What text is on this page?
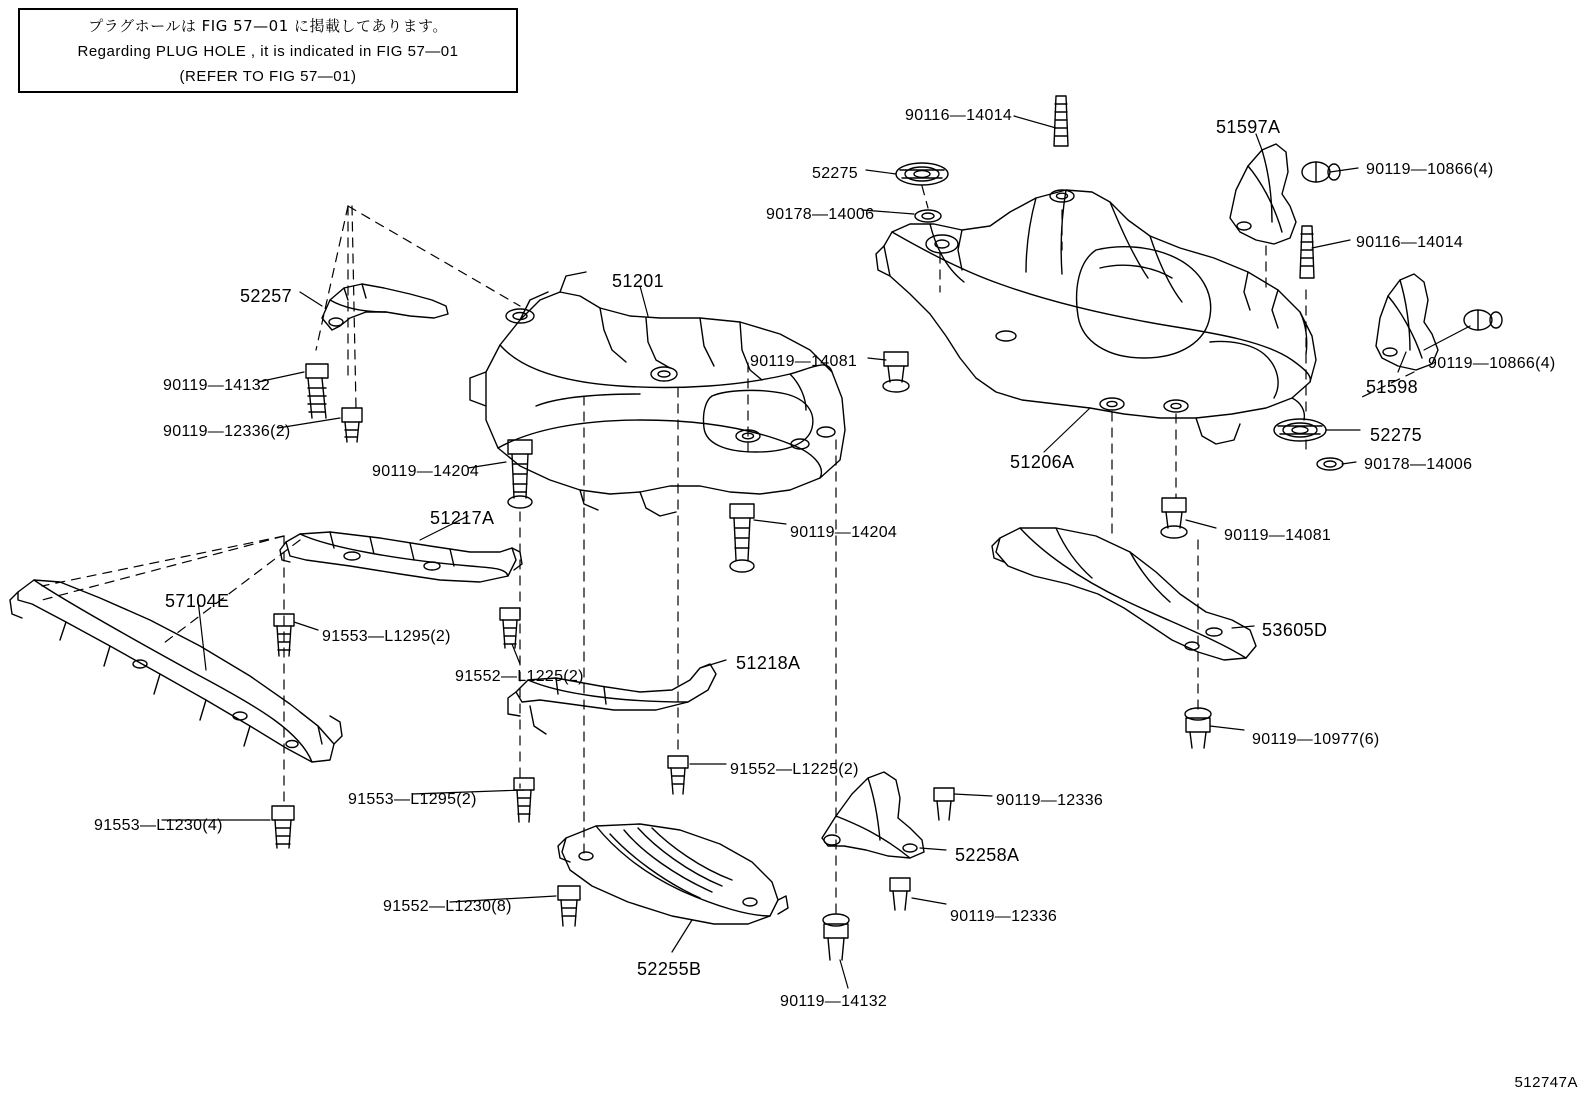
プラグホールは FIG 57—01 に掲載してあります。
Regarding PLUG HOLE , it is indicated in FIG 57—01
(REFER TO FIG 57—01)
90116—14014
51597A
52275	90119—10866(4)
90178—14006
90116—14014
52257
51201
90119—10866(4)
51598
90119—14081
90119—14132
90119—12336(2)	52275
51206A
90119—14204	90178—14006
51217A
90119—14204	90119—14081
57104E
91553—L1295(2)	53605D
91552—L1225(2)
51218A
90119—10977(6)
91552—L1225(2)
91553—L1295(2)	90119—12336
91553—L1230(4)
52258A
90119—12336
91552—L1230(8)
52255B
90119—14132
512747A
